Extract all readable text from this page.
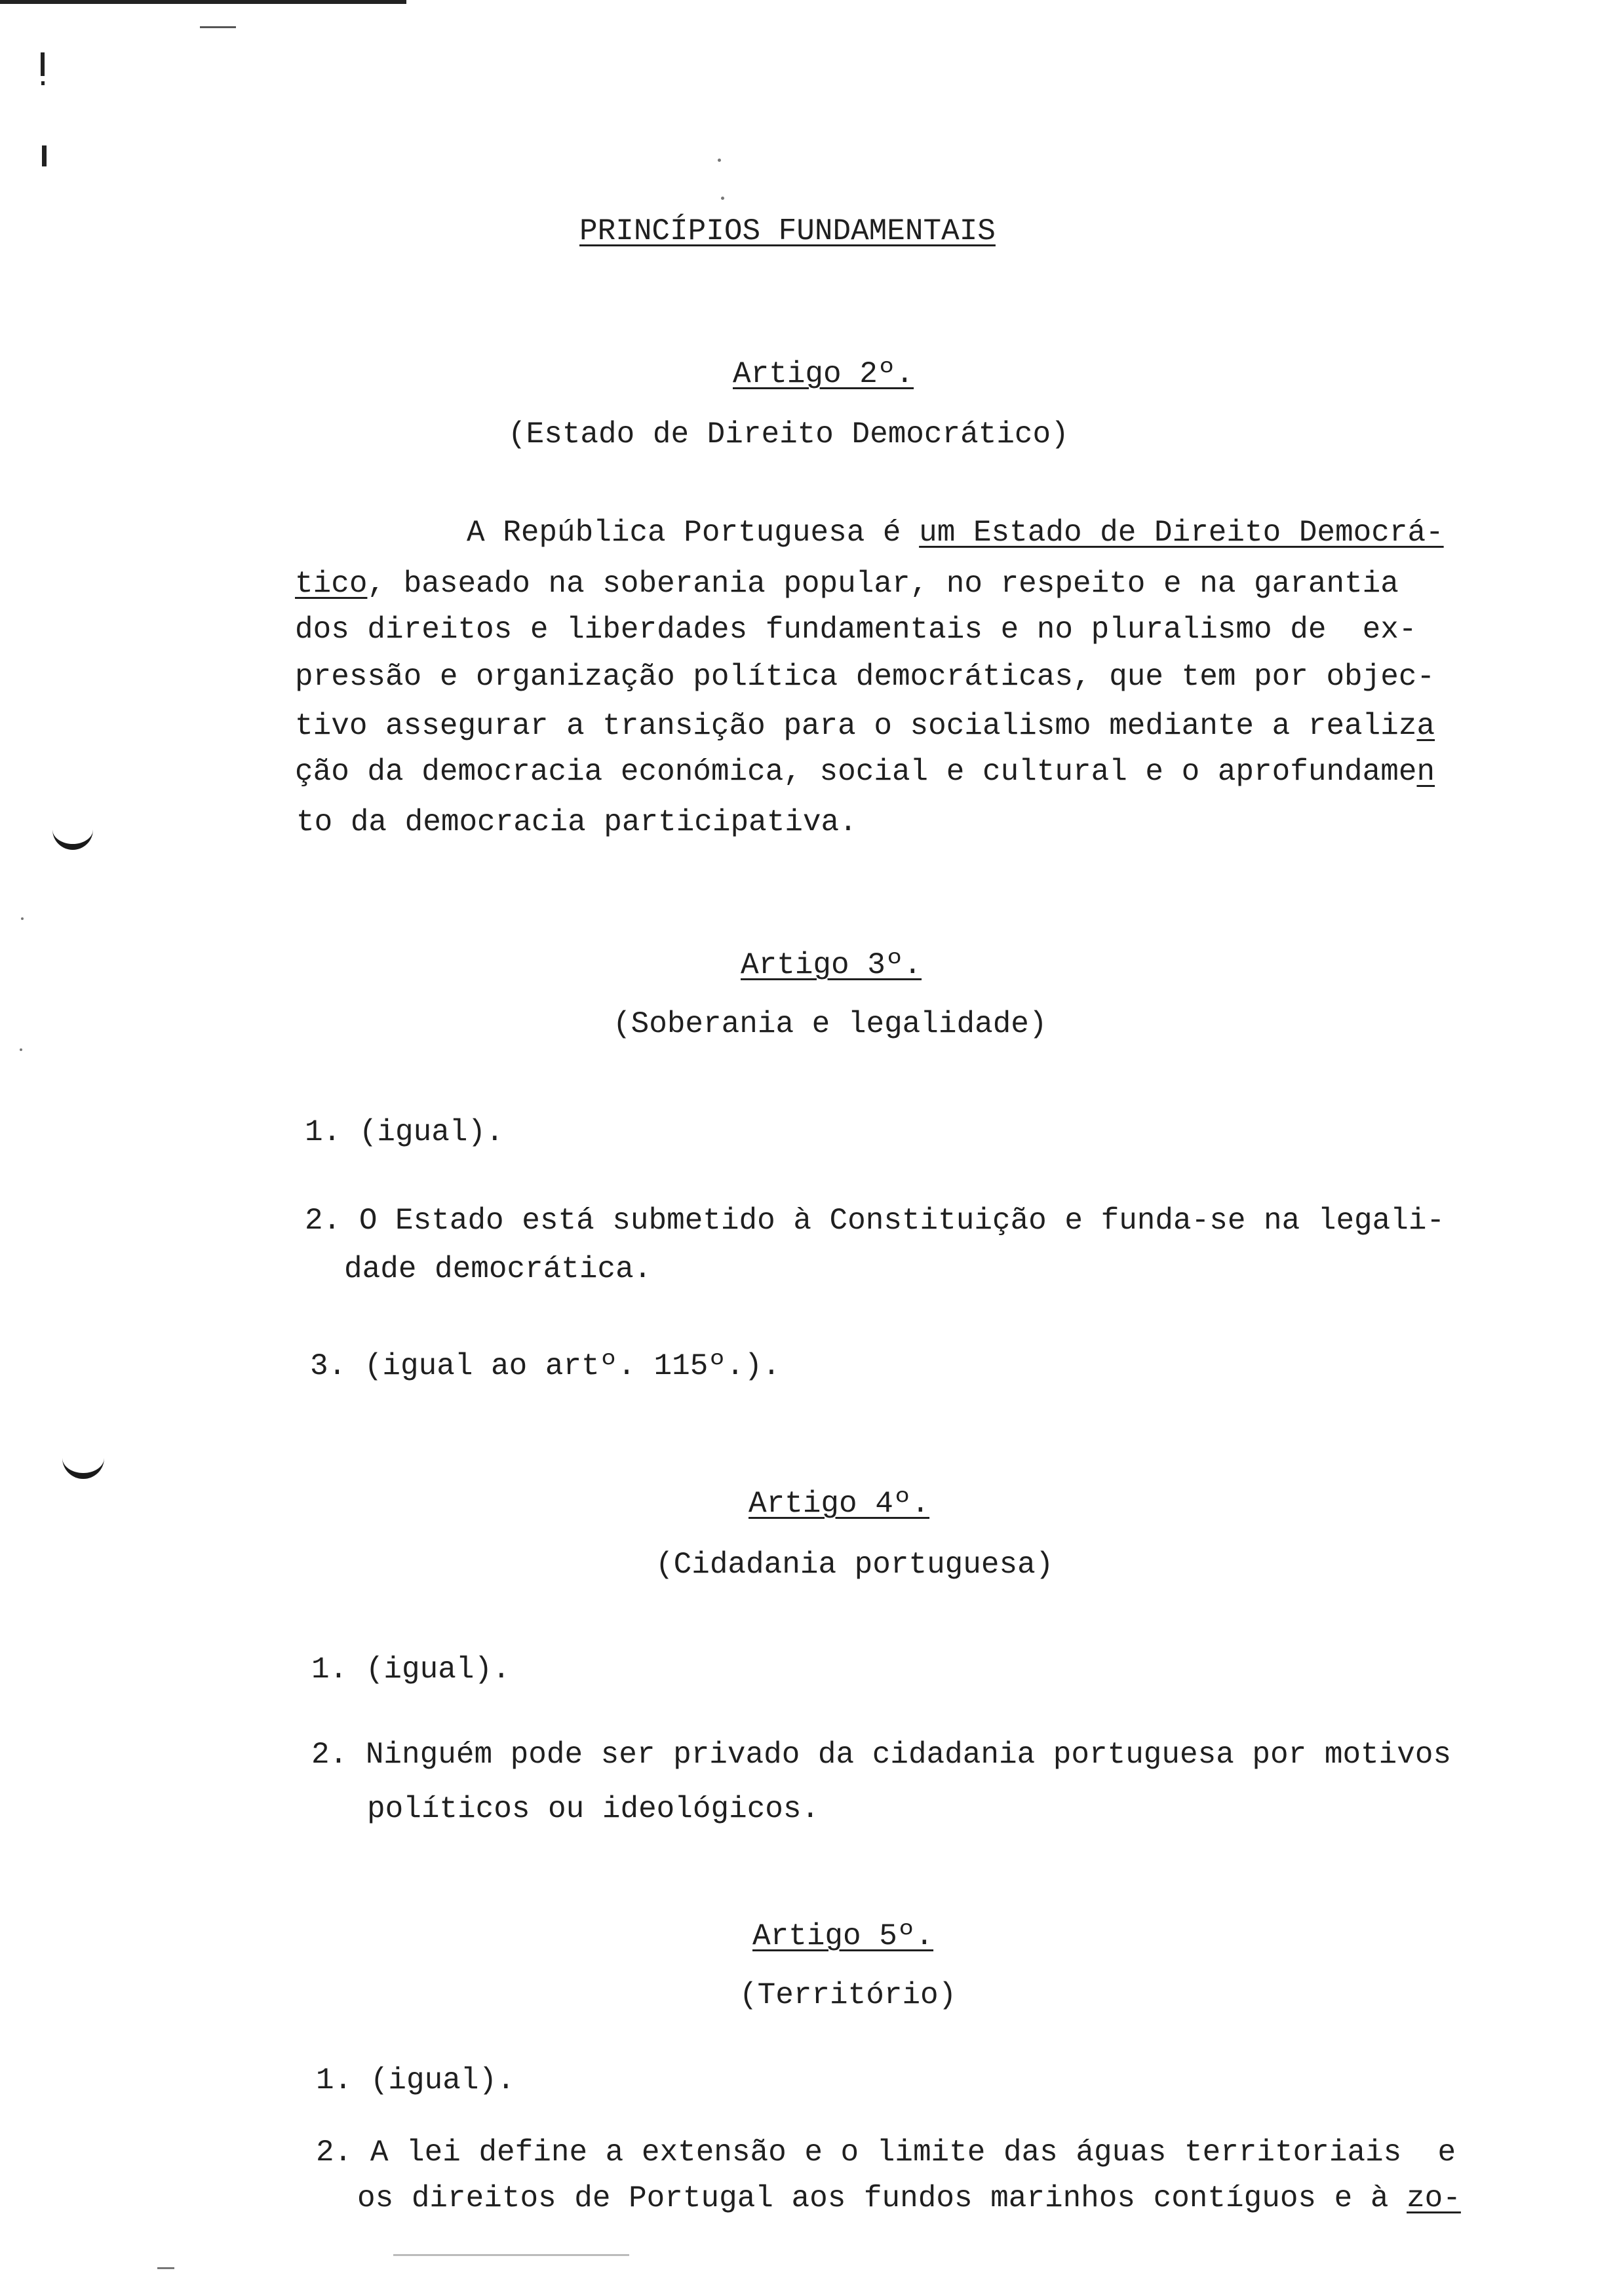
PRINCÍPIOS FUNDAMENTAIS
Artigo 2º.
(Estado de Direito Democrático)
A República Portuguesa é um Estado de Direito Democrá-
tico, baseado na soberania popular, no respeito e na garantia
dos direitos e liberdades fundamentais e no pluralismo de  ex-
pressão e organização política democráticas, que tem por objec-
tivo assegurar a transição para o socialismo mediante a realiza
ção da democracia económica, social e cultural e o aprofundamen
to da democracia participativa.
Artigo 3º.
(Soberania e legalidade)
1. (igual).
2. O Estado está submetido à Constituição e funda-se na legali-
dade democrática.
3. (igual ao artº. 115º.).
Artigo 4º.
(Cidadania portuguesa)
1. (igual).
2. Ninguém pode ser privado da cidadania portuguesa por motivos
políticos ou ideológicos.
Artigo 5º.
(Território)
1. (igual).
2. A lei define a extensão e o limite das águas territoriais  e
os direitos de Portugal aos fundos marinhos contíguos e à zo-
